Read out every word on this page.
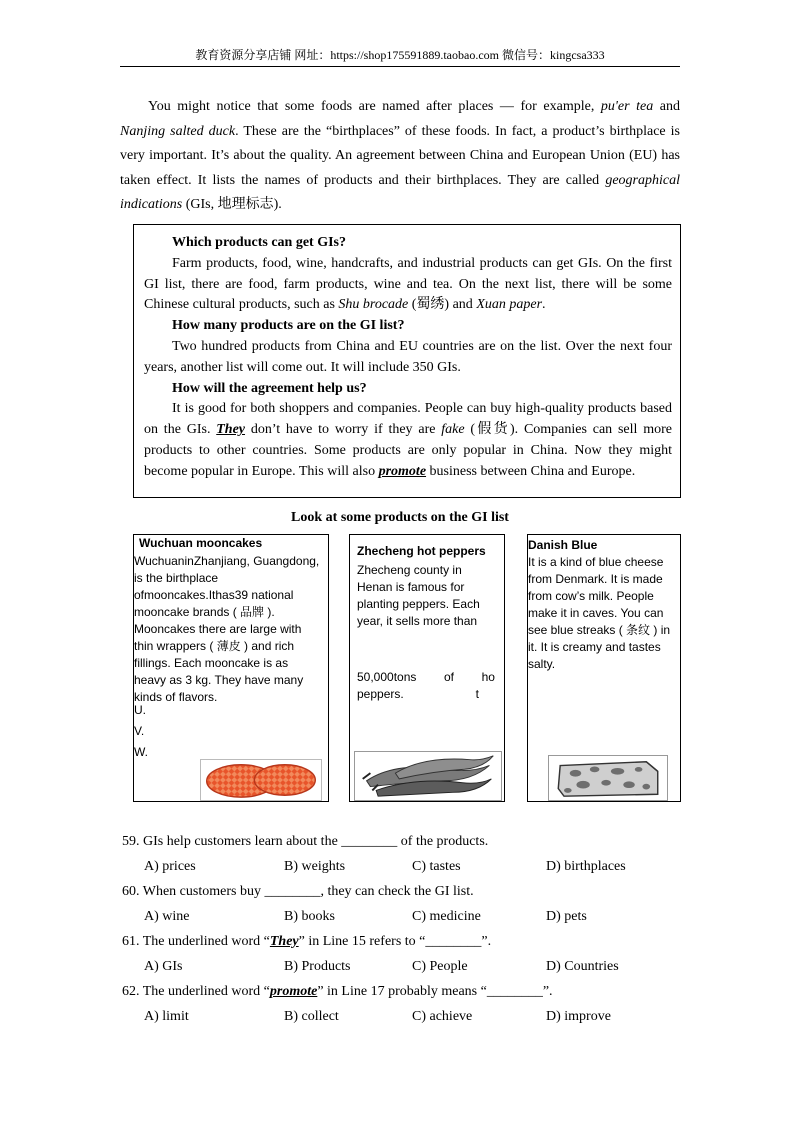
教育资源分享店铺 网址：https://shop175591889.taobao.com 微信号：kingcsa333
You might notice that some foods are named after places — for example, pu'er tea and Nanjing salted duck. These are the “birthplaces” of these foods. In fact, a product’s birthplace is very important. It’s about the quality. An agreement between China and European Union (EU) has taken effect. It lists the names of products and their birthplaces. They are called geographical indications (GIs, 地理标志).

Which products can get GIs?

Farm products, food, wine, handcrafts, and industrial products can get GIs. On the first GI list, there are food, farm products, wine and tea. On the next list, there will be some Chinese cultural products, such as Shu brocade (蜀绣) and Xuan paper.

How many products are on the GI list?

Two hundred products from China and EU countries are on the list. Over the next four years, another list will come out. It will include 350 GIs.

How will the agreement help us?

It is good for both shoppers and companies. People can buy high-quality products based on the GIs. They don’t have to worry if they are fake (假货). Companies can sell more products to other countries. Some products are only popular in China. Now they might become popular in Europe. This will also promote business between China and Europe.

Look at some products on the GI list
Wuchuan mooncakes
WuchuaninZhanjiang, Guangdong,
is the birthplace
ofmooncakes.Ithas39 national
mooncake brands ( 品牌 ).
Mooncakes there are large with
thin wrappers ( 薄皮 ) and rich
fillings. Each mooncake is as
heavy as 3 kg. They have many
kinds of flavors.
U.
V.
W.
Zhecheng hot peppers
Zhecheng county in
Henan is famous for
planting peppers. Each
year, it sells more than
50,000tons of ho
peppers.	t
Danish Blue
It is a kind of blue cheese
from Denmark. It is made
from cow’s milk. People
make it in caves. You can
see blue streaks ( 条纹 ) in
it. It is creamy and tastes
salty.
59. GIs help customers learn about the ________ of the products.
A) prices	B) weights	C) tastes	D) birthplaces
60. When customers buy ________, they can check the GI list.
A) wine	B) books	C) medicine	D) pets
61. The underlined word “They” in Line 15 refers to “________”.
A) GIs	B) Products	C) People	D) Countries
62. The underlined word “promote” in Line 17 probably means “________”.
A) limit	B) collect	C) achieve	D) improve
